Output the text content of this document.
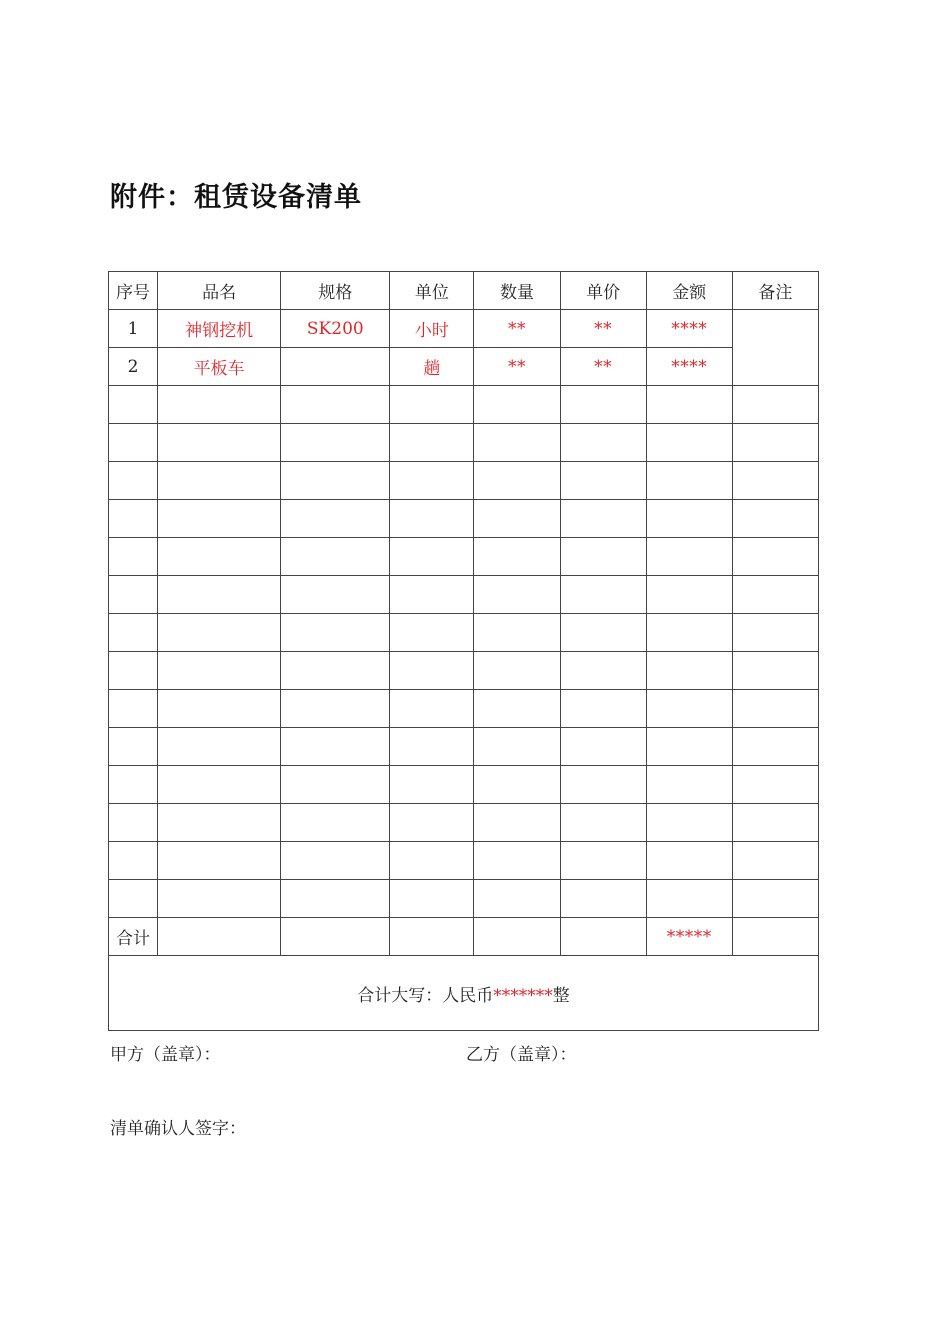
附件：租赁设备清单
序号	品名	规格	单位	数量	单价	金额	备注
1	神钢挖机	SK200	小时	**	**	****	
2	平板车		趟	**	**	****	

合计						*****	
合计大写：人民币*******整							
甲方（盖章）：	乙方（盖章）：
清单确认人签字：
